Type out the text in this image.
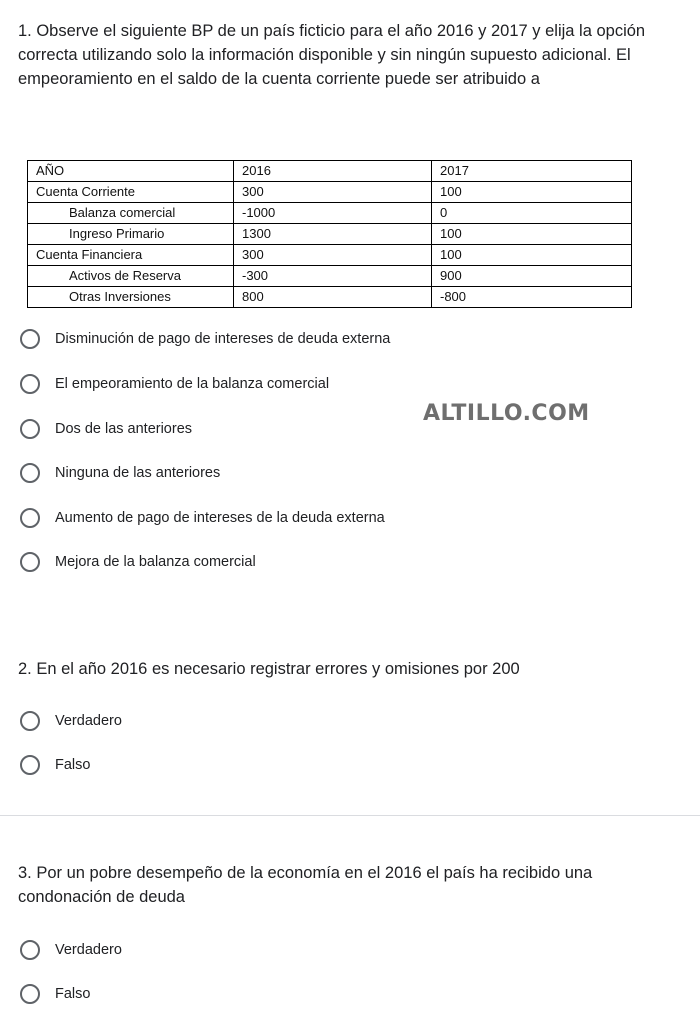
1. Observe el siguiente BP de un país ficticio para el año 2016 y 2017 y elija la opción correcta utilizando solo la información disponible y sin ningún supuesto adicional. El empeoramiento en el saldo de la cuenta corriente puede ser atribuido a
AÑO	2016	2017
Cuenta Corriente	300	100
Balanza comercial	-1000	0
Ingreso Primario	1300	100
Cuenta Financiera	300	100
Activos de Reserva	-300	900
Otras Inversiones	800	-800
Disminución de pago de intereses de deuda externa
El empeoramiento de la balanza comercial
Dos de las anteriores
Ninguna de las anteriores
Aumento de pago de intereses de la deuda externa
Mejora de la balanza comercial
ALTILLO.COM
2. En el año 2016 es necesario registrar errores y omisiones por 200
Verdadero
Falso
3. Por un pobre desempeño de la economía en el 2016 el país ha recibido una condonación de deuda
Verdadero
Falso
